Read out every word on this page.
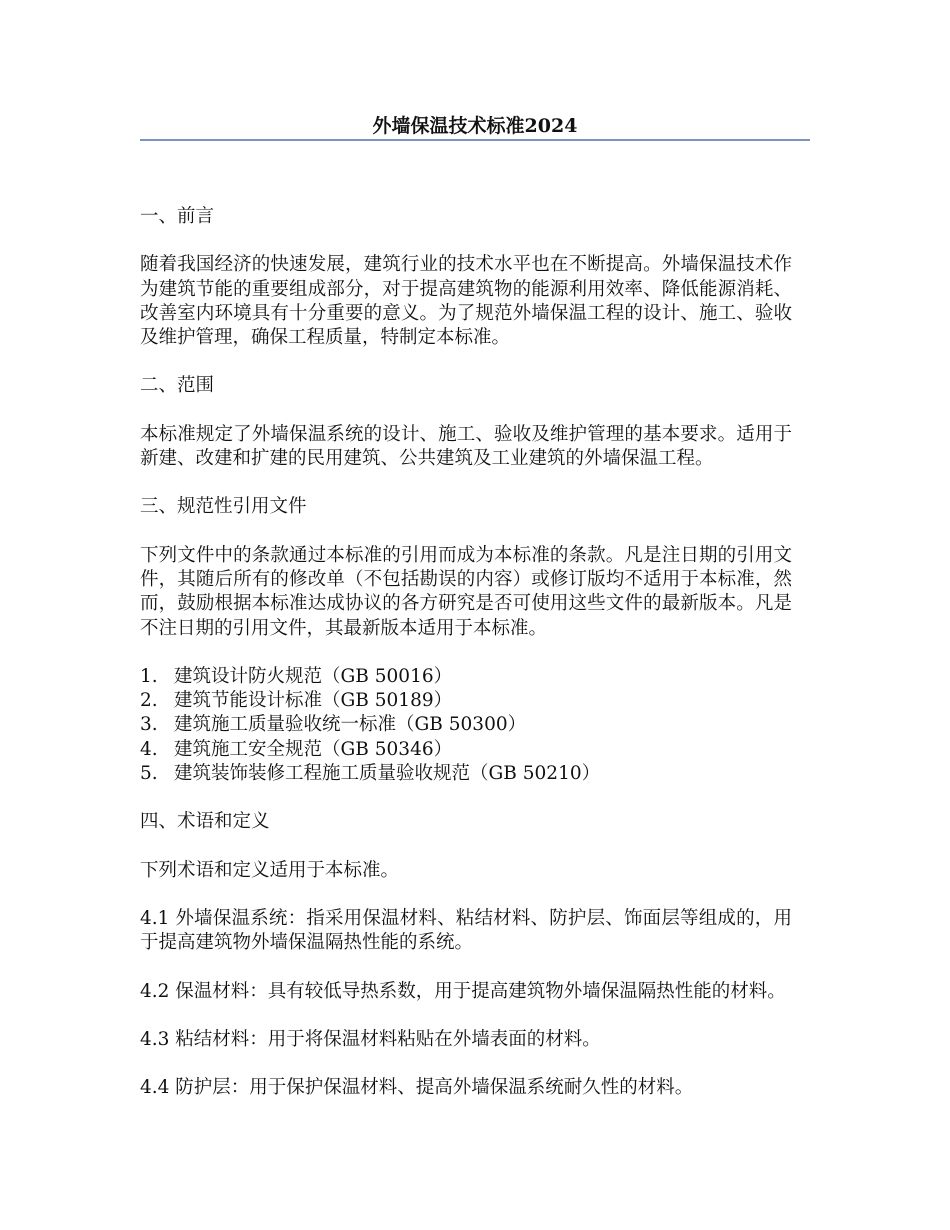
外墙保温技术标准2024
一、前言

随着我国经济的快速发展，建筑行业的技术水平也在不断提高。外墙保温技术作为建筑节能的重要组成部分，对于提高建筑物的能源利用效率、降低能源消耗、改善室内环境具有十分重要的意义。为了规范外墙保温工程的设计、施工、验收及维护管理，确保工程质量，特制定本标准。

二、范围

本标准规定了外墙保温系统的设计、施工、验收及维护管理的基本要求。适用于新建、改建和扩建的民用建筑、公共建筑及工业建筑的外墙保温工程。

三、规范性引用文件

下列文件中的条款通过本标准的引用而成为本标准的条款。凡是注日期的引用文件，其随后所有的修改单（不包括勘误的内容）或修订版均不适用于本标准，然而，鼓励根据本标准达成协议的各方研究是否可使用这些文件的最新版本。凡是不注日期的引用文件，其最新版本适用于本标准。

1. 建筑设计防火规范（GB 50016）
2. 建筑节能设计标准（GB 50189）
3. 建筑施工质量验收统一标准（GB 50300）
4. 建筑施工安全规范（GB 50346）
5. 建筑装饰装修工程施工质量验收规范（GB 50210）
四、术语和定义

下列术语和定义适用于本标准。

4.1 外墙保温系统：指采用保温材料、粘结材料、防护层、饰面层等组成的，用于提高建筑物外墙保温隔热性能的系统。

4.2 保温材料：具有较低导热系数，用于提高建筑物外墙保温隔热性能的材料。

4.3 粘结材料：用于将保温材料粘贴在外墙表面的材料。

4.4 防护层：用于保护保温材料、提高外墙保温系统耐久性的材料。
